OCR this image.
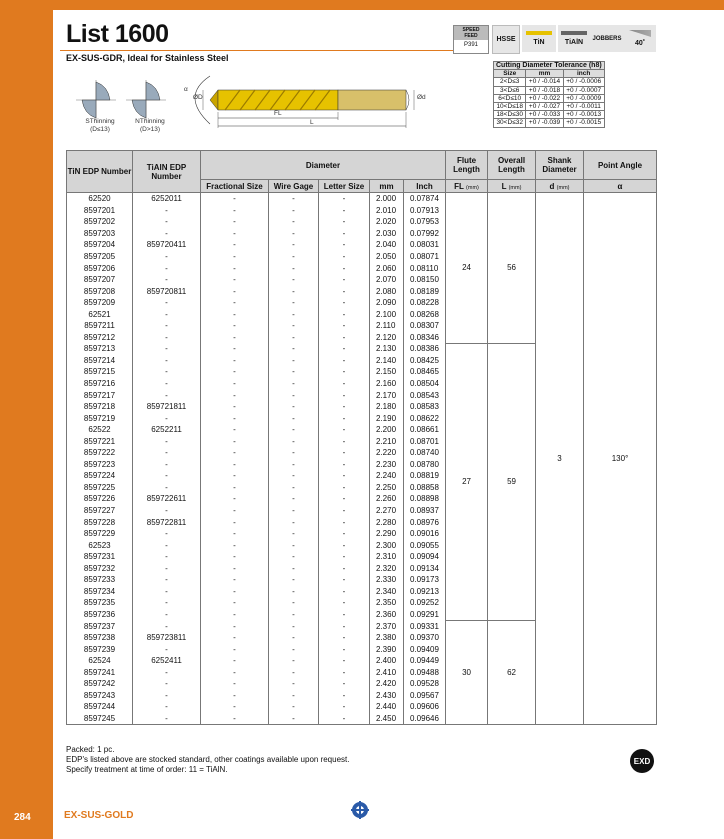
284	EX-SUS-GOLD
List 1600
EX-SUS-GDR, Ideal for Stainless Steel
SPEED
FEED
P391
HSSE	TiN	TiAlN
JOBBERS
40˚
Cutting Diameter Tolerance (h8)		
Size	mm	inch
2<D≤3	+0 / -0.014	+0 / -0.0006
3<D≤6	+0 / -0.018	+0 / -0.0007
6<D≤10	+0 / -0.022	+0 / -0.0009
10<D≤18	+0 / -0.027	+0 / -0.0011
18<D≤30	+0 / -0.033	+0 / -0.0013
30<D≤32	+0 / -0.039	+0 / -0.0015
SThinning
(D≤13)
NThinning
(D>13)
α
ØD	Ød
FL
L
TiN EDP Number	TiAlN EDP Number	Diameter					Flute Length	Overall Length	Shank Diameter	Point Angle
		Fractional Size	Wire Gage	Letter Size	mm	Inch	FL (mm)	L (mm)	d (mm)	α
62520	6252011	-	-	-	2.000	0.07874	24	56	3	130°
8597201	-	-	-	-	2.010	0.07913				
8597202	-	-	-	-	2.020	0.07953				
8597203	-	-	-	-	2.030	0.07992				
8597204	859720411	-	-	-	2.040	0.08031				
8597205	-	-	-	-	2.050	0.08071				
8597206	-	-	-	-	2.060	0.08110				
8597207	-	-	-	-	2.070	0.08150				
8597208	859720811	-	-	-	2.080	0.08189				
8597209	-	-	-	-	2.090	0.08228				
62521	-	-	-	-	2.100	0.08268				
8597211	-	-	-	-	2.110	0.08307				
8597212	-	-	-	-	2.120	0.08346				
8597213	-	-	-	-	2.130	0.08386	27	59		
8597214	-	-	-	-	2.140	0.08425				
8597215	-	-	-	-	2.150	0.08465				
8597216	-	-	-	-	2.160	0.08504				
8597217	-	-	-	-	2.170	0.08543				
8597218	859721811	-	-	-	2.180	0.08583				
8597219	-	-	-	-	2.190	0.08622				
62522	6252211	-	-	-	2.200	0.08661				
8597221	-	-	-	-	2.210	0.08701				
8597222	-	-	-	-	2.220	0.08740				
8597223	-	-	-	-	2.230	0.08780				
8597224	-	-	-	-	2.240	0.08819				
8597225	-	-	-	-	2.250	0.08858				
8597226	859722611	-	-	-	2.260	0.08898				
8597227	-	-	-	-	2.270	0.08937				
8597228	859722811	-	-	-	2.280	0.08976				
8597229	-	-	-	-	2.290	0.09016				
62523	-	-	-	-	2.300	0.09055				
8597231	-	-	-	-	2.310	0.09094				
8597232	-	-	-	-	2.320	0.09134				
8597233	-	-	-	-	2.330	0.09173				
8597234	-	-	-	-	2.340	0.09213				
8597235	-	-	-	-	2.350	0.09252				
8597236	-	-	-	-	2.360	0.09291				
8597237	-	-	-	-	2.370	0.09331	30	62		
8597238	859723811	-	-	-	2.380	0.09370				
8597239	-	-	-	-	2.390	0.09409				
62524	6252411	-	-	-	2.400	0.09449				
8597241	-	-	-	-	2.410	0.09488				
8597242	-	-	-	-	2.420	0.09528				
8597243	-	-	-	-	2.430	0.09567				
8597244	-	-	-	-	2.440	0.09606				
8597245	-	-	-	-	2.450	0.09646				
Packed: 1 pc.
EDP's listed above are stocked standard, other coatings available upon request.
Specify treatment at time of order: 11 = TiAlN.
EXD
